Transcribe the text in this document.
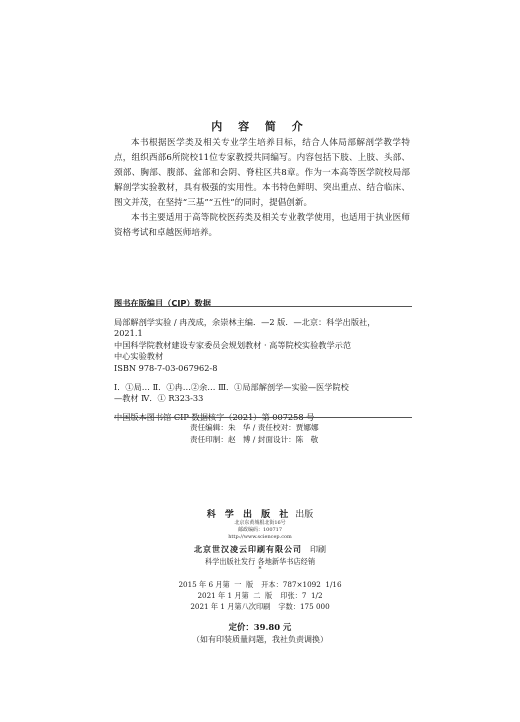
内 容 简 介

本书根据医学类及相关专业学生培养目标，结合人体局部解剖学教学特点，组织西部6所院校11位专家教授共同编写。内容包括下肢、上肢、头部、颈部、胸部、腹部、盆部和会阴、脊柱区共8章。作为一本高等医学院校局部解剖学实验教材，具有极强的实用性。本书特色鲜明、突出重点、结合临床、图文并茂，在坚持“三基”“五性”的同时，提倡创新。

本书主要适用于高等院校医药类及相关专业教学使用，也适用于执业医师资格考试和卓越医师培养。

图书在版编目（CIP）数据
局部解剖学实验 / 冉茂成，余崇林主编．—2 版．—北京：科学出版社，
2021.1
中国科学院教材建设专家委员会规划教材 · 高等院校实验教学示范
中心实验教材
ISBN 978-7-03-067962-8
Ⅰ．①局… Ⅱ．①冉…②余… Ⅲ．①局部解剖学—实验—医学院校
—教材 Ⅳ．① R323-33
中国版本图书馆 CIP 数据核字（2021）第 007258 号
责任编辑：朱   华 / 责任校对：贾娜娜
责任印制：赵   博 / 封面设计：陈   敬
科 学 出 版 社 出版
北京东黄城根北街16号
邮政编码：100717
http://www.sciencep.com
北京世汉凌云印刷有限公司 印刷
科学出版社发行 各地新华书店经销
*
2015 年 6 月第  一  版 开本：787×1092  1/16
2021 年 1 月第  二  版 印张：7  1/2
2021 年 1 月第八次印刷 字数：175 000
定价：39.80 元
（如有印装质量问题，我社负责调换）
